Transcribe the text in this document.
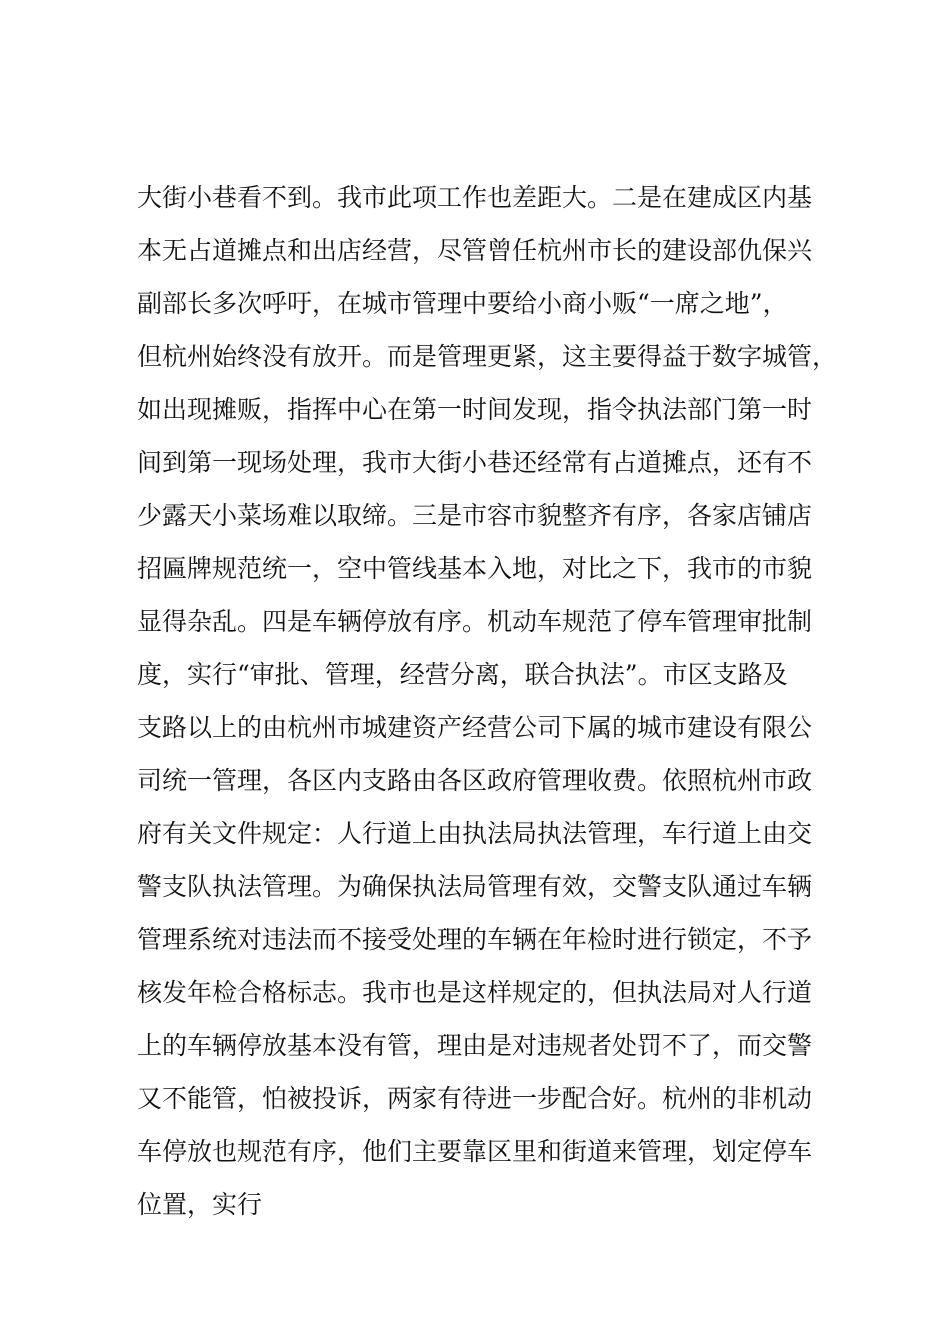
大街小巷看不到。我市此项工作也差距大。二是在建成区内基
本无占道摊点和出店经营，尽管曾任杭州市长的建设部仇保兴
副部长多次呼吁，在城市管理中要给小商小贩“一席之地”，
但杭州始终没有放开。而是管理更紧，这主要得益于数字城管，
如出现摊贩，指挥中心在第一时间发现，指令执法部门第一时
间到第一现场处理，我市大街小巷还经常有占道摊点，还有不
少露天小菜场难以取缔。三是市容市貌整齐有序，各家店铺店
招匾牌规范统一，空中管线基本入地，对比之下，我市的市貌
显得杂乱。四是车辆停放有序。机动车规范了停车管理审批制
度，实行“审批、管理，经营分离，联合执法”。市区支路及
支路以上的由杭州市城建资产经营公司下属的城市建设有限公
司统一管理，各区内支路由各区政府管理收费。依照杭州市政
府有关文件规定：人行道上由执法局执法管理，车行道上由交
警支队执法管理。为确保执法局管理有效，交警支队通过车辆
管理系统对违法而不接受处理的车辆在年检时进行锁定，不予
核发年检合格标志。我市也是这样规定的，但执法局对人行道
上的车辆停放基本没有管，理由是对违规者处罚不了，而交警
又不能管，怕被投诉，两家有待进一步配合好。杭州的非机动
车停放也规范有序，他们主要靠区里和街道来管理，划定停车
位置，实行
